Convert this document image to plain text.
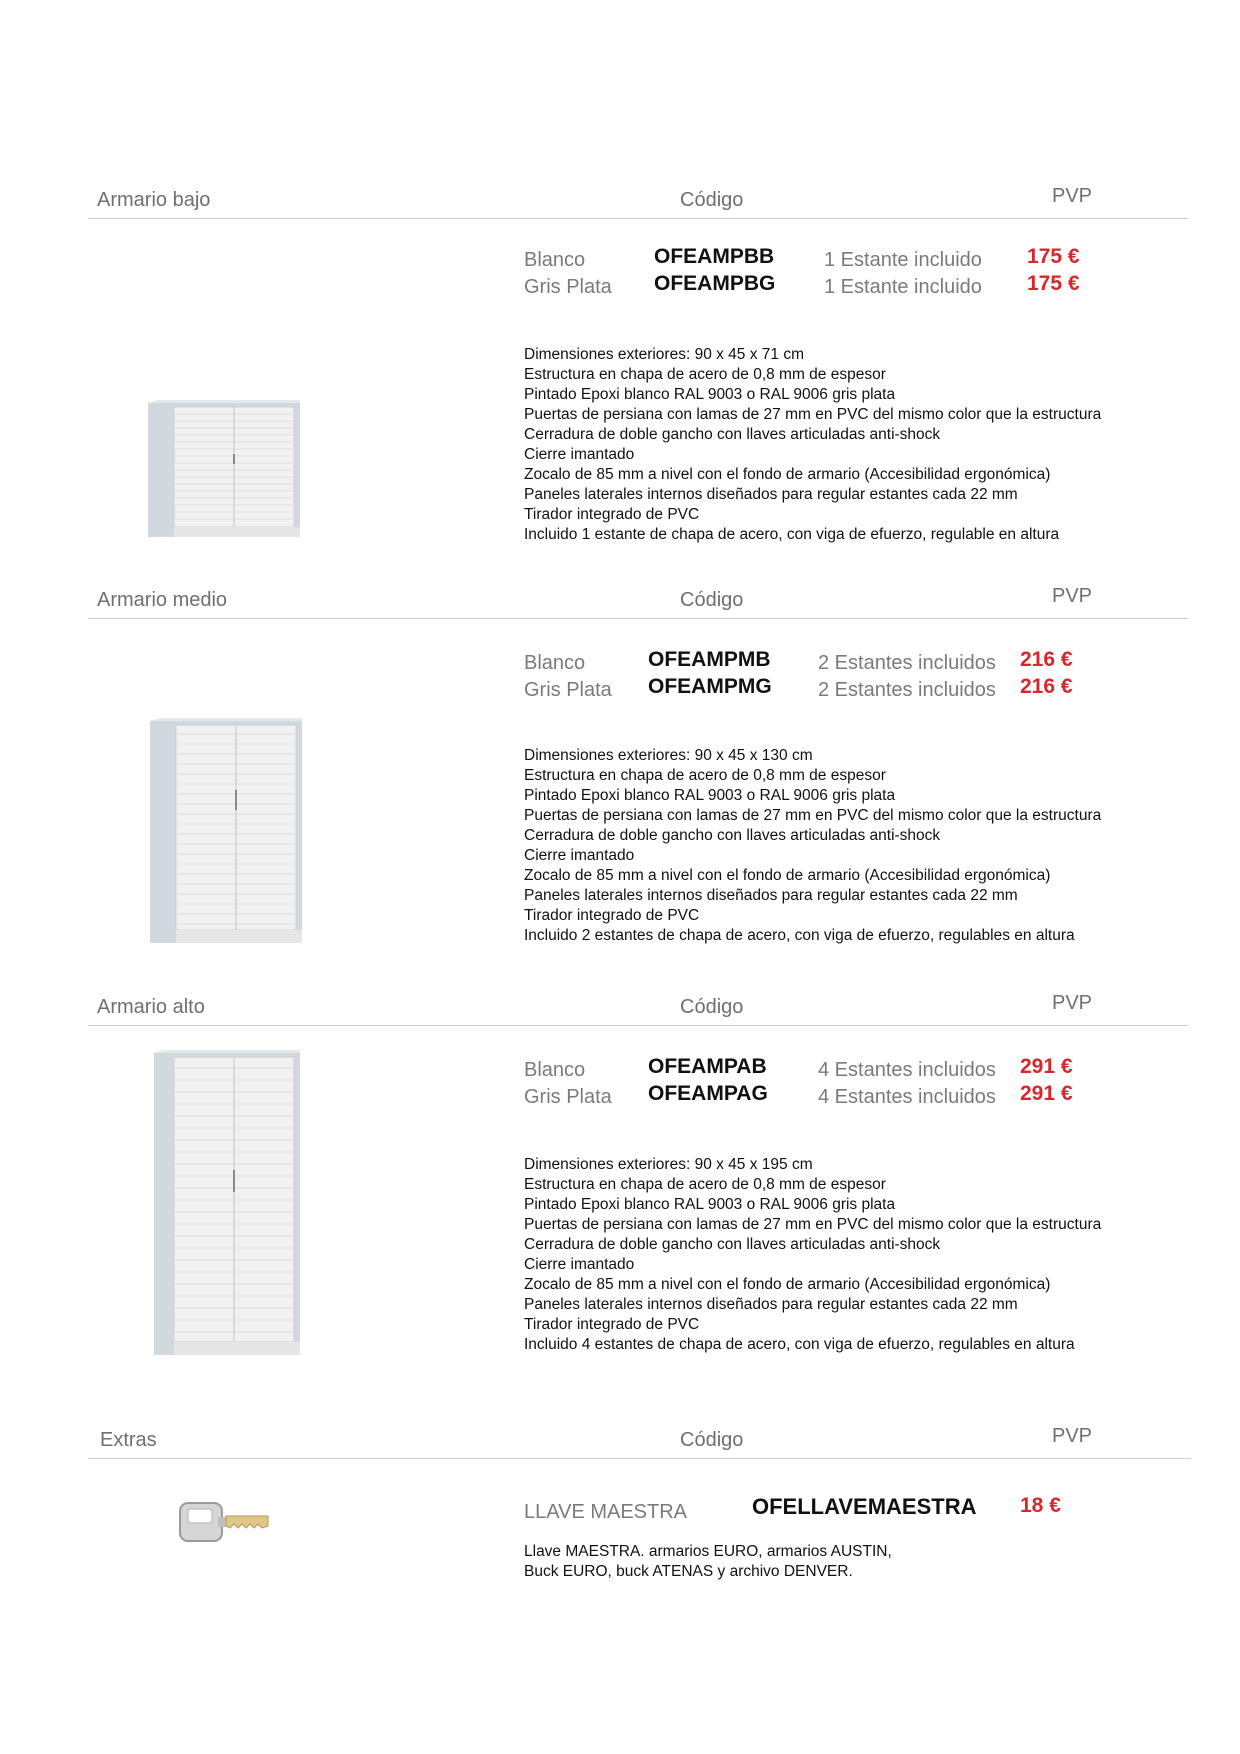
Armario bajo	Código	PVP
Blanco	OFEAMPBB 1 Estante incluido 175 €
Gris Plata OFEAMPBG 1 Estante incluido 175 €
Dimensiones exteriores: 90 x 45 x 71 cm
Estructura en chapa de acero de 0,8 mm de espesor
Pintado Epoxi blanco RAL 9003 o RAL 9006 gris plata
Puertas de persiana con lamas de 27 mm en PVC del mismo color que la estructura
Cerradura de doble gancho con llaves articuladas anti-shock
Cierre imantado
Zocalo de 85 mm a nivel con el fondo de armario (Accesibilidad ergonómica)
Paneles laterales internos diseñados para regular estantes cada 22 mm
Tirador integrado de PVC
Incluido 1 estante de chapa de acero, con viga de efuerzo, regulable en altura
Armario medio	Código	PVP
Blanco	OFEAMPMB 2 Estantes incluidos 216 €
Gris Plata OFEAMPMG 2 Estantes incluidos 216 €
Dimensiones exteriores: 90 x 45 x 130 cm
Estructura en chapa de acero de 0,8 mm de espesor
Pintado Epoxi blanco RAL 9003 o RAL 9006 gris plata
Puertas de persiana con lamas de 27 mm en PVC del mismo color que la estructura
Cerradura de doble gancho con llaves articuladas anti-shock
Cierre imantado
Zocalo de 85 mm a nivel con el fondo de armario (Accesibilidad ergonómica)
Paneles laterales internos diseñados para regular estantes cada 22 mm
Tirador integrado de PVC
Incluido 2 estantes de chapa de acero, con viga de efuerzo, regulables en altura
Armario alto	Código	PVP
Blanco	OFEAMPAB	4 Estantes incluidos 291 €
Gris Plata OFEAMPAG	4 Estantes incluidos 291 €
Dimensiones exteriores: 90 x 45 x 195 cm
Estructura en chapa de acero de 0,8 mm de espesor
Pintado Epoxi blanco RAL 9003 o RAL 9006 gris plata
Puertas de persiana con lamas de 27 mm en PVC del mismo color que la estructura
Cerradura de doble gancho con llaves articuladas anti-shock
Cierre imantado
Zocalo de 85 mm a nivel con el fondo de armario (Accesibilidad ergonómica)
Paneles laterales internos diseñados para regular estantes cada 22 mm
Tirador integrado de PVC
Incluido 4 estantes de chapa de acero, con viga de efuerzo, regulables en altura
Extras	Código	PVP
LLAVE MAESTRA	OFELLAVEMAESTRA 18 €
Llave MAESTRA. armarios EURO, armarios AUSTIN,
Buck EURO, buck ATENAS y archivo DENVER.
